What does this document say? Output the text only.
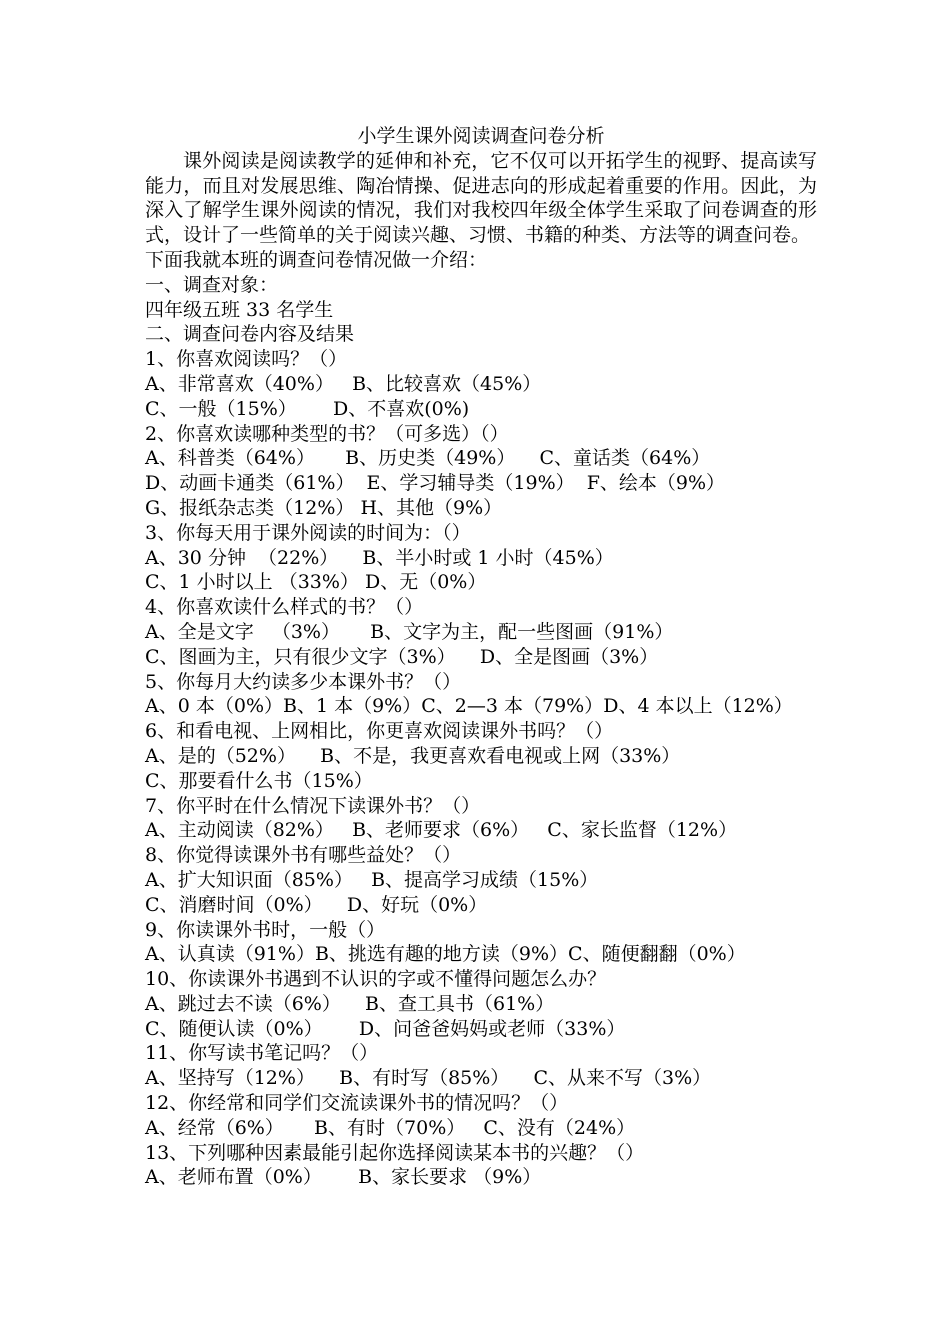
小学生课外阅读调查问卷分析

课外阅读是阅读教学的延伸和补充，它不仅可以开拓学生的视野、提高读写能力，而且对发展思维、陶冶情操、促进志向的形成起着重要的作用。因此，为深入了解学生课外阅读的情况，我们对我校四年级全体学生采取了问卷调查的形式，设计了一些简单的关于阅读兴趣、习惯、书籍的种类、方法等的调查问卷。

下面我就本班的调查问卷情况做一介绍：

一、调查对象：

四年级五班 33 名学生

二、调查问卷内容及结果

1、你喜欢阅读吗？（）

A、非常喜欢（40%）   B、比较喜欢（45%）

C、一般（15%）      D、不喜欢(0%)

2、你喜欢读哪种类型的书？（可多选）（）

A、科普类（64%）     B、历史类（49%）    C、童话类（64%）

D、动画卡通类（61%）  E、学习辅导类（19%）  F、绘本（9%）

G、报纸杂志类（12%） H、其他（9%）

3、你每天用于课外阅读的时间为：（）

A、30 分钟  （22%）    B、半小时或 1 小时（45%）

C、1 小时以上 （33%） D、无（0%）

4、你喜欢读什么样式的书？（）

A、全是文字   （3%）     B、文字为主，配一些图画（91%）

C、图画为主，只有很少文字（3%）    D、全是图画（3%）

5、你每月大约读多少本课外书？（）

A、0 本（0%）B、1 本（9%）C、2—3 本（79%）D、4 本以上（12%）

6、和看电视、上网相比，你更喜欢阅读课外书吗？（）

A、是的（52%）    B、不是，我更喜欢看电视或上网（33%）

C、那要看什么书（15%）

7、你平时在什么情况下读课外书？（）

A、主动阅读（82%）   B、老师要求（6%）   C、家长监督（12%）

8、你觉得读课外书有哪些益处？（）

A、扩大知识面（85%）   B、提高学习成绩（15%）

C、消磨时间（0%）    D、好玩（0%）

9、你读课外书时，一般（）

A、认真读（91%）B、挑选有趣的地方读（9%）C、随便翻翻（0%）

10、你读课外书遇到不认识的字或不懂得问题怎么办？

A、跳过去不读（6%）    B、查工具书（61%）

C、随便认读（0%）      D、问爸爸妈妈或老师（33%）

11、你写读书笔记吗？（）

A、坚持写（12%）    B、有时写（85%）    C、从来不写（3%）

12、你经常和同学们交流读课外书的情况吗？（）

A、经常（6%）     B、有时（70%）   C、没有（24%）

13、下列哪种因素最能引起你选择阅读某本书的兴趣？（）

A、老师布置（0%）      B、家长要求 （9%）
